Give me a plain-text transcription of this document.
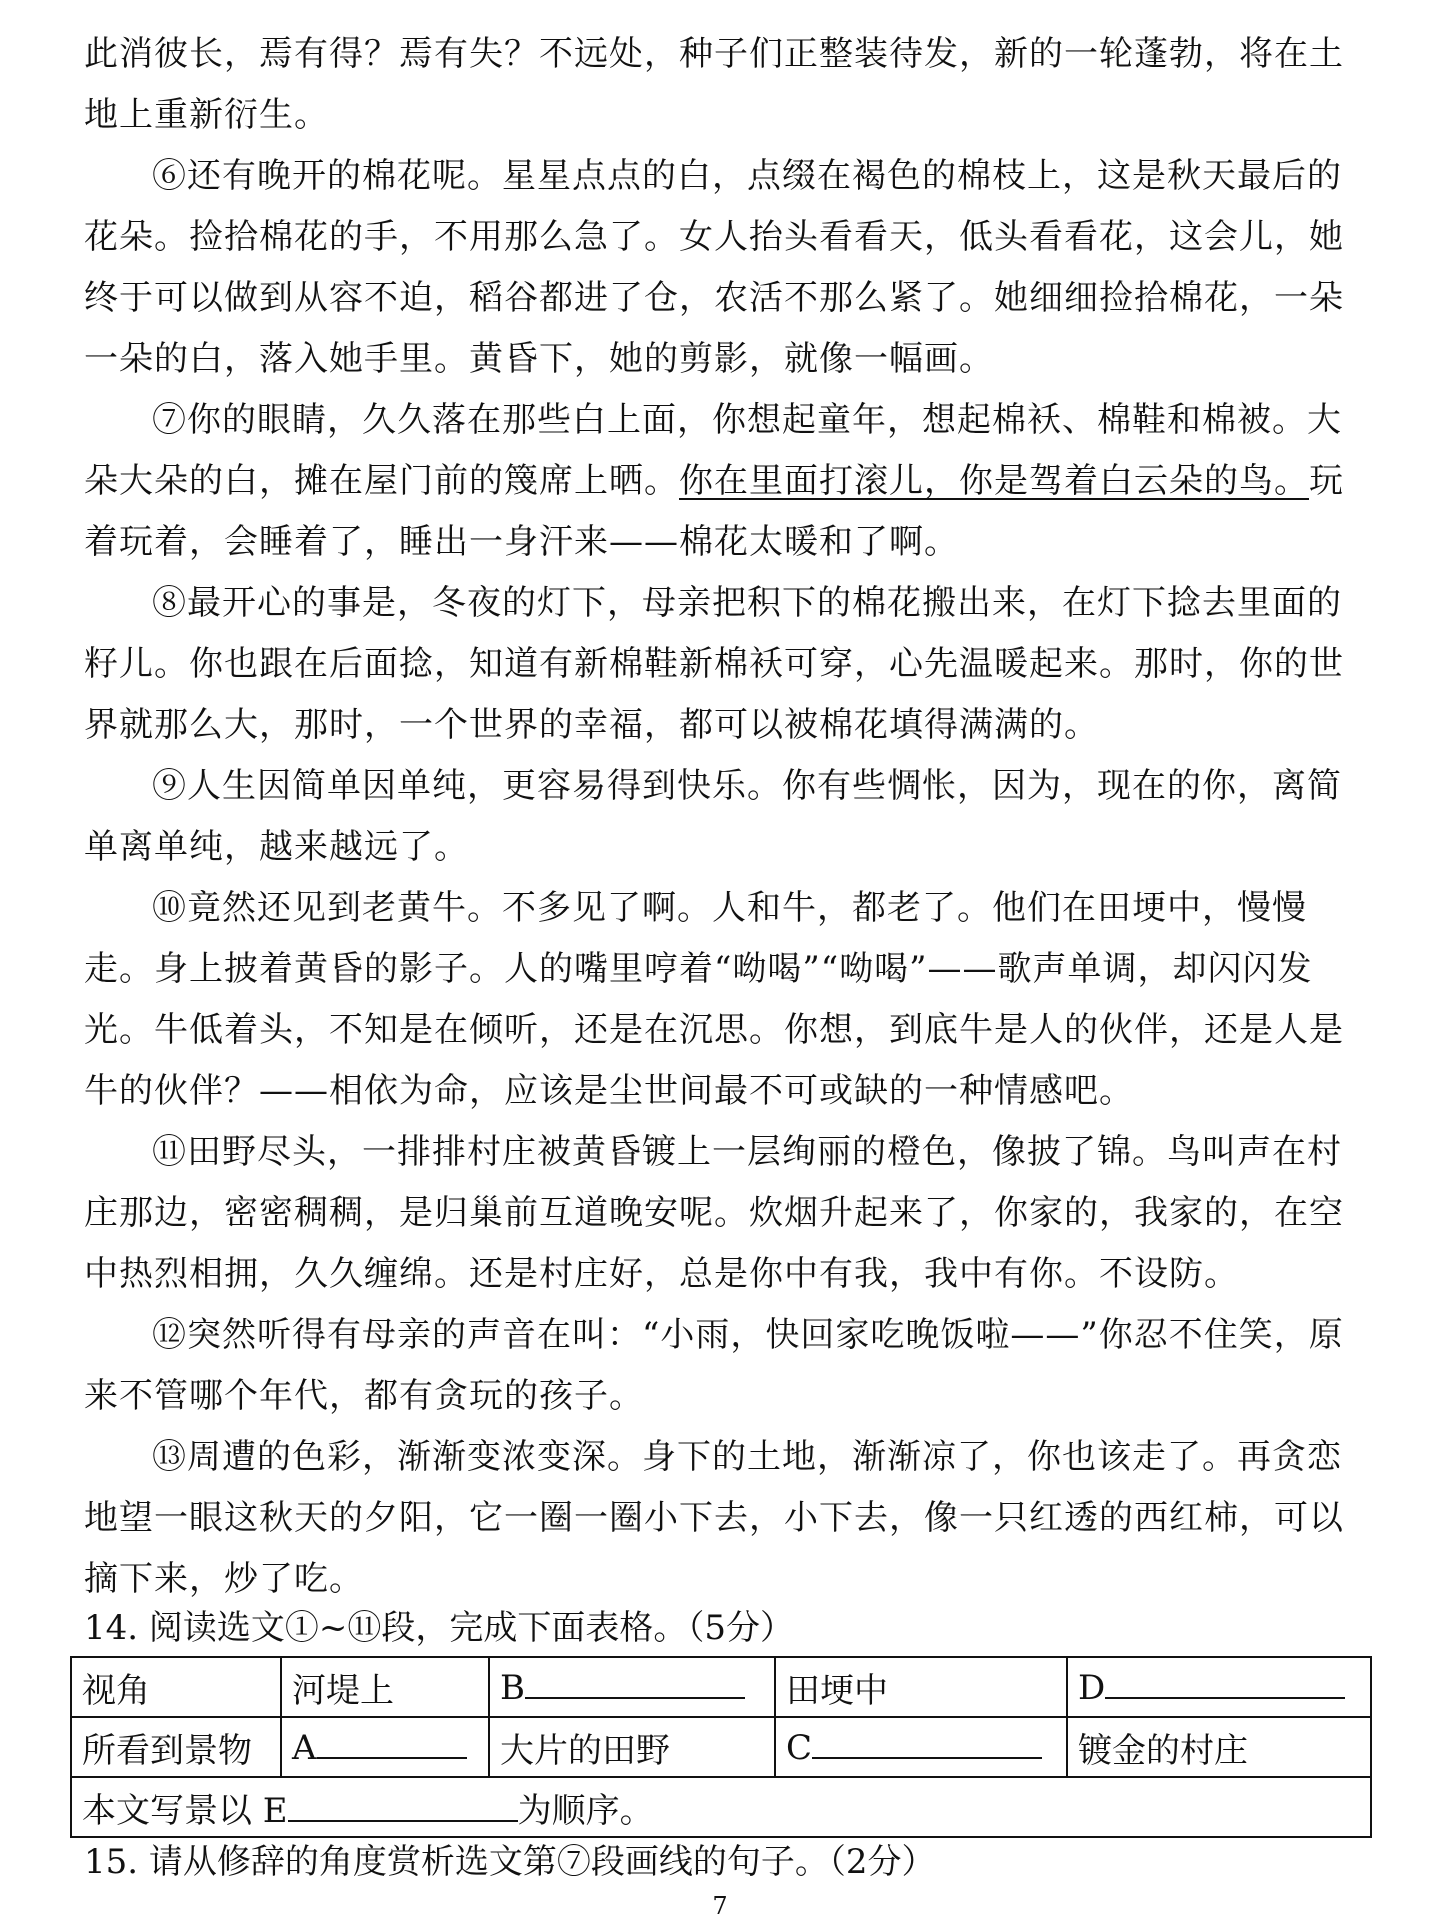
此消彼长，焉有得？焉有失？不远处，种子们正整装待发，新的一轮蓬勃，将在土地上重新衍生。

⑥还有晚开的棉花呢。星星点点的白，点缀在褐色的棉枝上，这是秋天最后的花朵。捡拾棉花的手，不用那么急了。女人抬头看看天，低头看看花，这会儿，她终于可以做到从容不迫，稻谷都进了仓，农活不那么紧了。她细细捡拾棉花，一朵一朵的白，落入她手里。黄昏下，她的剪影，就像一幅画。

⑦你的眼睛，久久落在那些白上面，你想起童年，想起棉袄、棉鞋和棉被。大朵大朵的白，摊在屋门前的篾席上晒。你在里面打滚儿，你是驾着白云朵的鸟。玩着玩着，会睡着了，睡出一身汗来——棉花太暖和了啊。

⑧最开心的事是，冬夜的灯下，母亲把积下的棉花搬出来，在灯下捻去里面的籽儿。你也跟在后面捻，知道有新棉鞋新棉袄可穿，心先温暖起来。那时，你的世界就那么大，那时，一个世界的幸福，都可以被棉花填得满满的。

⑨人生因简单因单纯，更容易得到快乐。你有些惆怅，因为，现在的你，离简单离单纯，越来越远了。

⑩竟然还见到老黄牛。不多见了啊。人和牛，都老了。他们在田埂中，慢慢走。身上披着黄昏的影子。人的嘴里哼着“呦喝”“呦喝”——歌声单调，却闪闪发光。牛低着头，不知是在倾听，还是在沉思。你想，到底牛是人的伙伴，还是人是牛的伙伴？——相依为命，应该是尘世间最不可或缺的一种情感吧。

⑪田野尽头，一排排村庄被黄昏镀上一层绚丽的橙色，像披了锦。鸟叫声在村庄那边，密密稠稠，是归巢前互道晚安呢。炊烟升起来了，你家的，我家的，在空中热烈相拥，久久缠绵。还是村庄好，总是你中有我，我中有你。不设防。

⑫突然听得有母亲的声音在叫：“小雨，快回家吃晚饭啦——”你忍不住笑，原来不管哪个年代，都有贪玩的孩子。

⑬周遭的色彩，渐渐变浓变深。身下的土地，渐渐凉了，你也该走了。再贪恋地望一眼这秋天的夕阳，它一圈一圈小下去，小下去，像一只红透的西红柿，可以摘下来，炒了吃。

14. 阅读选文①~⑪段，完成下面表格。（5分）

视角	河堤上	B	田埂中	D
所看到景物	A	大片的田野	C	镀金的村庄
本文写景以 E 为顺序。				

15. 请从修辞的角度赏析选文第⑦段画线的句子。（2分）

7
